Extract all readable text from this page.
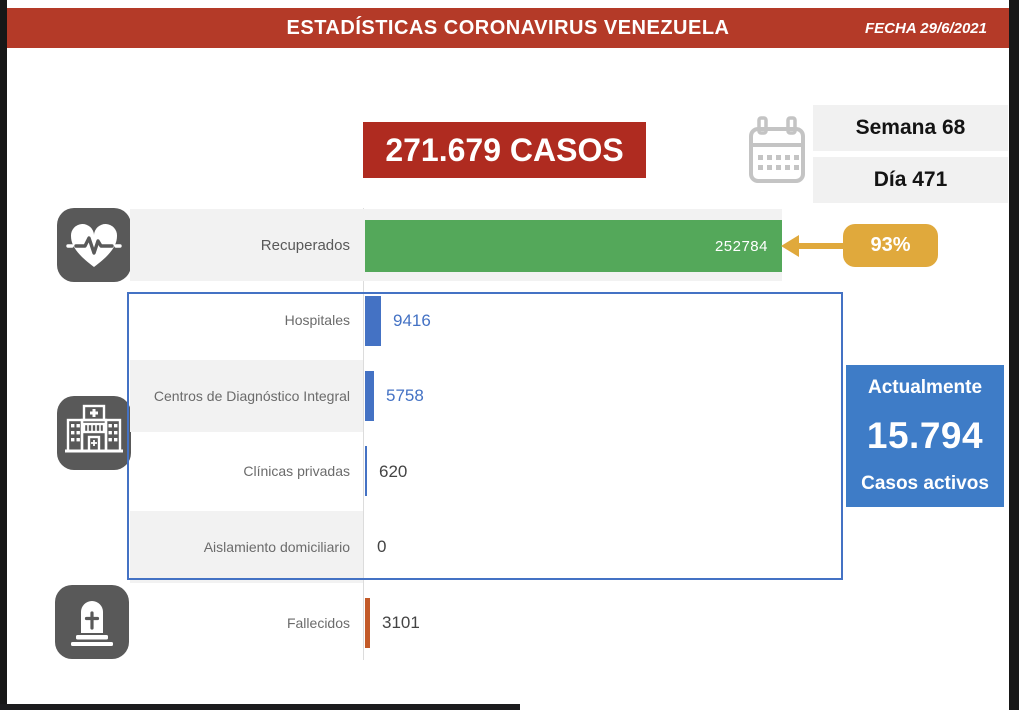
ESTADÍSTICAS CORONAVIRUS VENEZUELA	FECHA 29/6/2021
271.679 CASOS
Semana 68
Día 471
Recuperados
Hospitales
Centros de Diagnóstico Integral
Clínicas privadas
Aislamiento domiciliario
Fallecidos
252784
9416
5758
620
0
3101
93%
Actualmente
15.794
Casos activos
